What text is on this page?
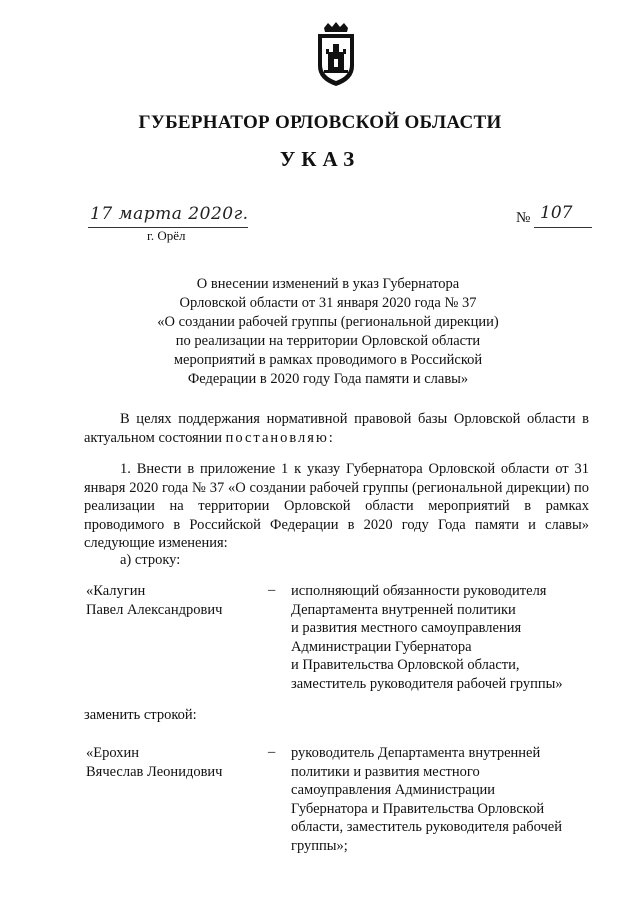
ГУБЕРНАТОР ОРЛОВСКОЙ ОБЛАСТИ
УКАЗ
17 марта 2020г.
г. Орёл
№ 107
О внесении изменений в указ Губернатора
Орловской области от 31 января 2020 года № 37
«О создании рабочей группы (региональной дирекции)
по реализации на территории Орловской области
мероприятий в рамках проводимого в Российской
Федерации в 2020 году Года памяти и славы»
В целях поддержания нормативной правовой базы Орловской области в актуальном состоянии постановляю:
1. Внести в приложение 1 к указу Губернатора Орловской области от 31 января 2020 года № 37 «О создании рабочей группы (региональной дирекции) по реализации на территории Орловской области мероприятий в рамках проводимого в Российской Федерации в 2020 году Года памяти и славы» следующие изменения:
а) строку:
«Калугин
Павел Александрович
– исполняющий обязанности руководителя
Департамента внутренней политики
и развития местного самоуправления
Администрации Губернатора
и Правительства Орловской области,
заместитель руководителя рабочей группы»
заменить строкой:
«Ерохин
Вячеслав Леонидович
– руководитель Департамента внутренней
политики и развития местного
самоуправления Администрации
Губернатора и Правительства Орловской
области, заместитель руководителя рабочей
группы»;
